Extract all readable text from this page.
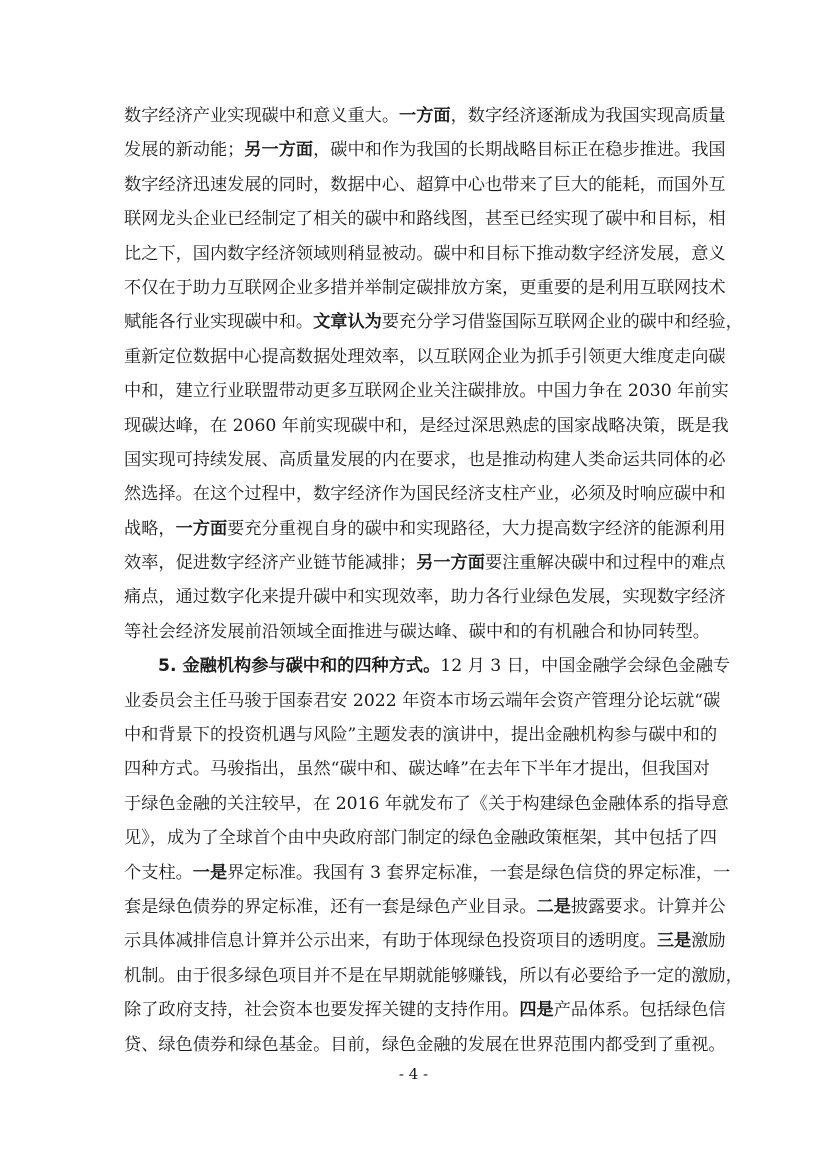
数字经济产业实现碳中和意义重大。一方面，数字经济逐渐成为我国实现高质量
发展的新动能；另一方面，碳中和作为我国的长期战略目标正在稳步推进。我国
数字经济迅速发展的同时，数据中心、超算中心也带来了巨大的能耗，而国外互
联网龙头企业已经制定了相关的碳中和路线图，甚至已经实现了碳中和目标，相
比之下，国内数字经济领域则稍显被动。碳中和目标下推动数字经济发展，意义
不仅在于助力互联网企业多措并举制定碳排放方案，更重要的是利用互联网技术
赋能各行业实现碳中和。文章认为要充分学习借鉴国际互联网企业的碳中和经验，
重新定位数据中心提高数据处理效率，以互联网企业为抓手引领更大维度走向碳
中和，建立行业联盟带动更多互联网企业关注碳排放。中国力争在 2030 年前实
现碳达峰，在 2060 年前实现碳中和，是经过深思熟虑的国家战略决策，既是我
国实现可持续发展、高质量发展的内在要求，也是推动构建人类命运共同体的必
然选择。在这个过程中，数字经济作为国民经济支柱产业，必须及时响应碳中和
战略，一方面要充分重视自身的碳中和实现路径，大力提高数字经济的能源利用
效率，促进数字经济产业链节能减排；另一方面要注重解决碳中和过程中的难点
痛点，通过数字化来提升碳中和实现效率，助力各行业绿色发展，实现数字经济
等社会经济发展前沿领域全面推进与碳达峰、碳中和的有机融合和协同转型。
5. 金融机构参与碳中和的四种方式。12 月 3 日，中国金融学会绿色金融专
业委员会主任马骏于国泰君安 2022 年资本市场云端年会资产管理分论坛就“碳
中和背景下的投资机遇与风险”主题发表的演讲中，提出金融机构参与碳中和的
四种方式。马骏指出，虽然“碳中和、碳达峰”在去年下半年才提出，但我国对
于绿色金融的关注较早，在 2016 年就发布了《关于构建绿色金融体系的指导意
见》，成为了全球首个由中央政府部门制定的绿色金融政策框架，其中包括了四
个支柱。一是界定标准。我国有 3 套界定标准，一套是绿色信贷的界定标准，一
套是绿色债券的界定标准，还有一套是绿色产业目录。二是披露要求。计算并公
示具体减排信息计算并公示出来，有助于体现绿色投资项目的透明度。三是激励
机制。由于很多绿色项目并不是在早期就能够赚钱，所以有必要给予一定的激励，
除了政府支持，社会资本也要发挥关键的支持作用。四是产品体系。包括绿色信
贷、绿色债券和绿色基金。目前，绿色金融的发展在世界范围内都受到了重视。
- 4 -
